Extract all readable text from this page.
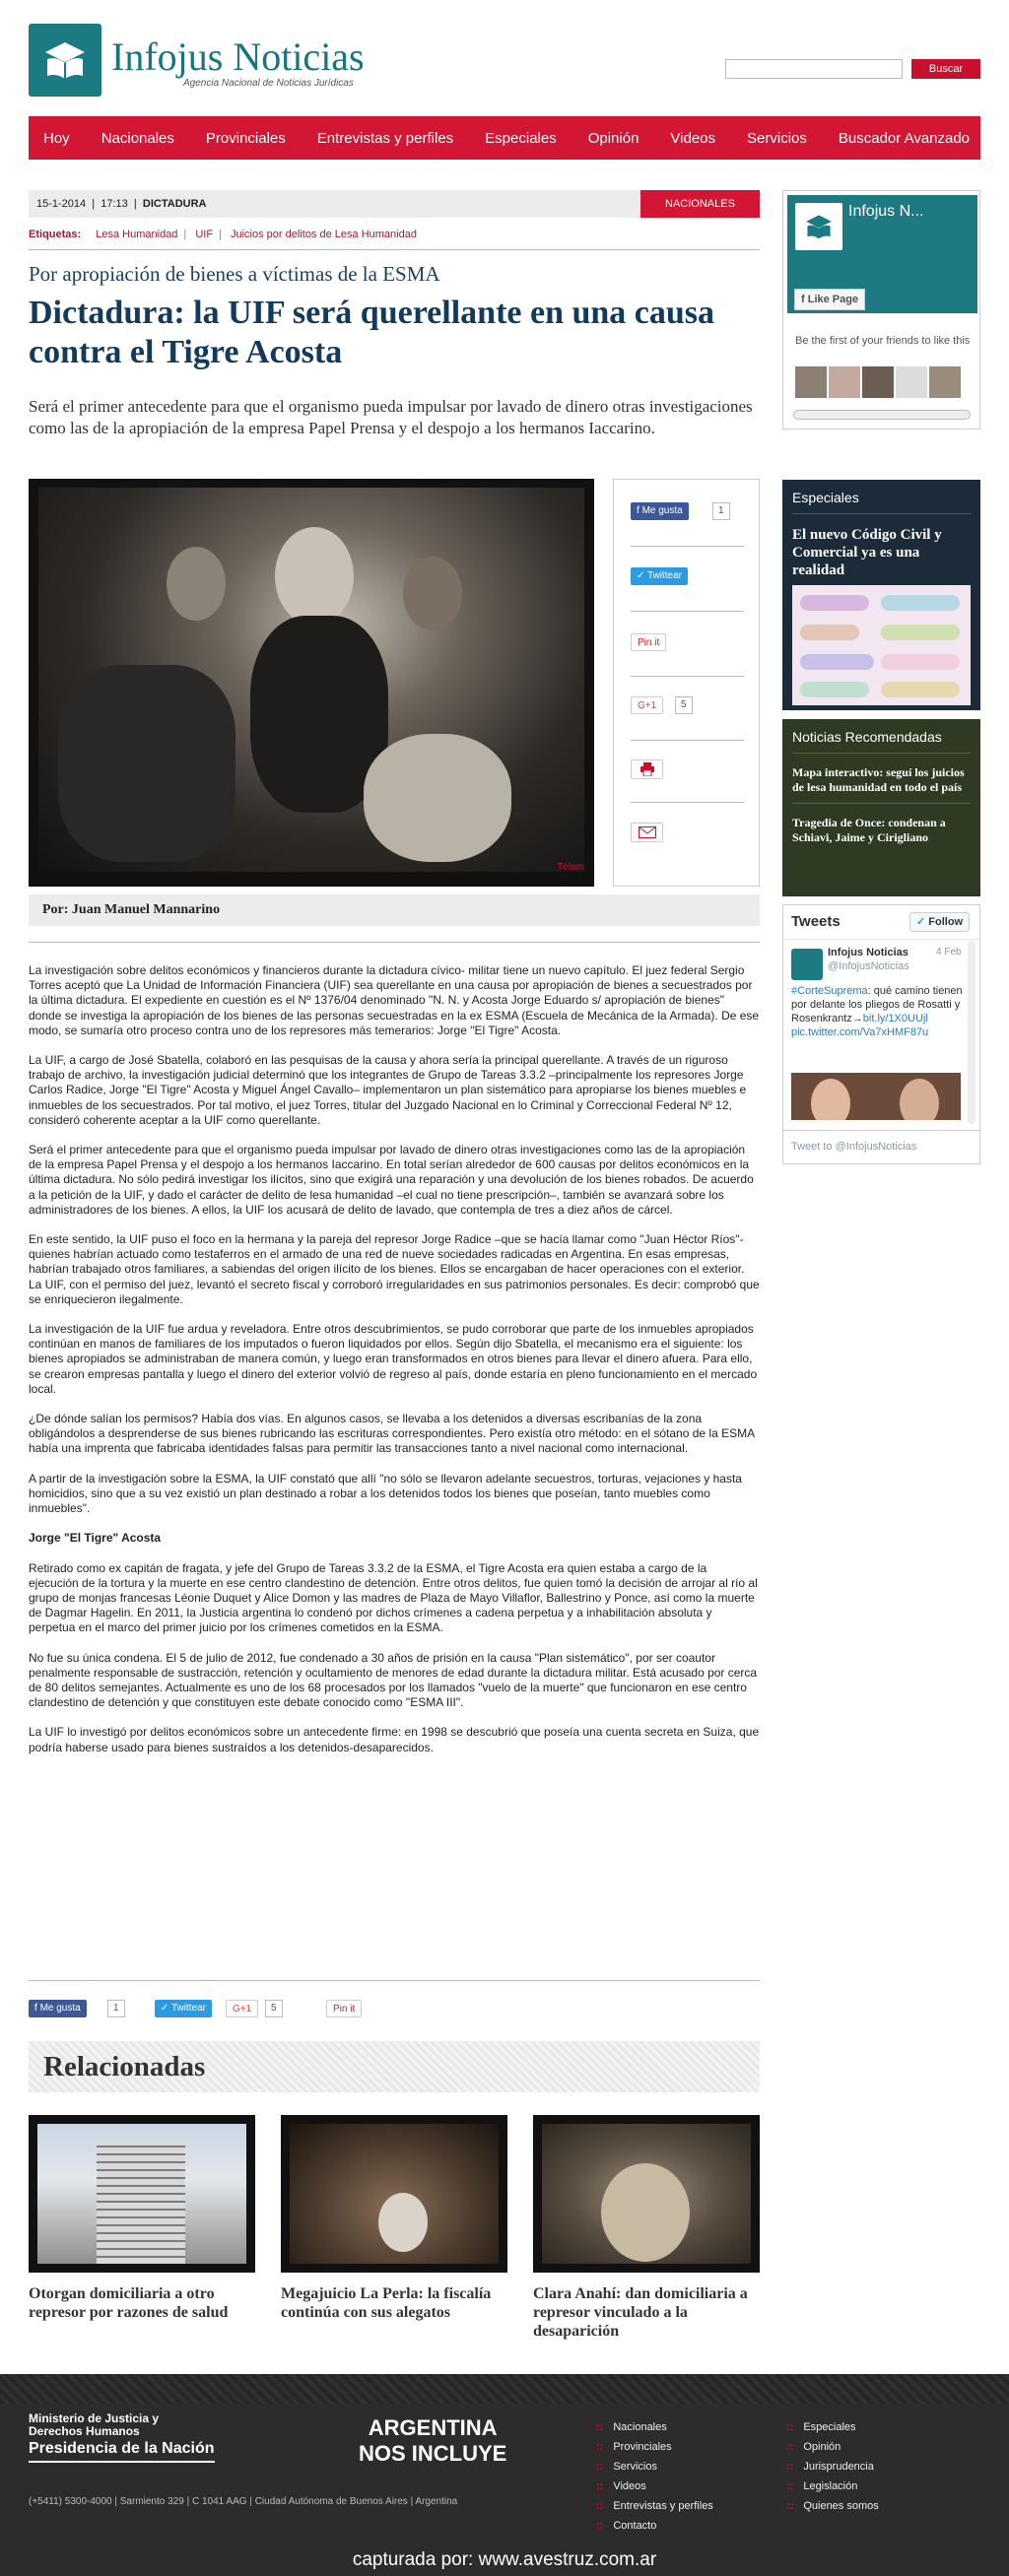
Infojus Noticias
Agencia Nacional de Noticias Jurídicas
Buscar
Hoy Nacionales Provinciales Entrevistas y perfiles Especiales Opinión Videos Servicios Buscador Avanzado
15-1-2014  |  17:13  |  DICTADURA	NACIONALES
Etiquetas: Lesa Humanidad | UIF | Juicios por delitos de Lesa Humanidad
Por apropiación de bienes a víctimas de la ESMA
Dictadura: la UIF será querellante en una causa contra el Tigre Acosta
Será el primer antecedente para que el organismo pueda impulsar por lavado de dinero otras investigaciones como las de la apropiación de la empresa Papel Prensa y el despojo a los hermanos Iaccarino.
Télam
f Me gusta	1
✓ Twittear
Pin it
G+1	5
Por: Juan Manuel Mannarino

La investigación sobre delitos económicos y financieros durante la dictadura cívico- militar tiene un nuevo capítulo. El juez federal Sergio Torres aceptó que La Unidad de Información Financiera (UIF) sea querellante en una causa por apropiación de bienes a secuestrados por la última dictadura. El expediente en cuestión es el Nº 1376/04 denominado "N. N. y Acosta Jorge Eduardo s/ apropiación de bienes" donde se investiga la apropiación de los bienes de las personas secuestradas en la ex ESMA (Escuela de Mecánica de la Armada). De ese modo, se sumaría otro proceso contra uno de los represores más temerarios: Jorge "El Tigre" Acosta.

La UIF, a cargo de José Sbatella, colaboró en las pesquisas de la causa y ahora sería la principal querellante. A través de un riguroso trabajo de archivo, la investigación judicial determinó que los integrantes de Grupo de Tareas 3.3.2 –principalmente los represores Jorge Carlos Radice, Jorge "El Tigre" Acosta y Miguel Ángel Cavallo– implementaron un plan sistemático para apropiarse los bienes muebles e inmuebles de los secuestrados. Por tal motivo, el juez Torres, titular del Juzgado Nacional en lo Criminal y Correccional Federal Nº 12, consideró coherente aceptar a la UIF como querellante.

Será el primer antecedente para que el organismo pueda impulsar por lavado de dinero otras investigaciones como las de la apropiación de la empresa Papel Prensa y el despojo a los hermanos Iaccarino. En total serían alrededor de 600 causas por delitos económicos en la última dictadura. No sólo pedirá investigar los ilícitos, sino que exigirá una reparación y una devolución de los bienes robados. De acuerdo a la petición de la UIF, y dado el carácter de delito de lesa humanidad –el cual no tiene prescripción–, también se avanzará sobre los administradores de los bienes. A ellos, la UIF los acusará de delito de lavado, que contempla de tres a diez años de cárcel.

En este sentido, la UIF puso el foco en la hermana y la pareja del represor Jorge Radice –que se hacía llamar como "Juan Héctor Ríos"- quienes habrían actuado como testaferros en el armado de una red de nueve sociedades radicadas en Argentina. En esas empresas, habrían trabajado otros familiares, a sabiendas del origen ilícito de los bienes. Ellos se encargaban de hacer operaciones con el exterior. La UIF, con el permiso del juez, levantó el secreto fiscal y corroboró irregularidades en sus patrimonios personales. Es decir: comprobó que se enriquecieron ilegalmente.

La investigación de la UIF fue ardua y reveladora. Entre otros descubrimientos, se pudo corroborar que parte de los inmuebles apropiados continúan en manos de familiares de los imputados o fueron liquidados por ellos. Según dijo Sbatella, el mecanismo era el siguiente: los bienes apropiados se administraban de manera común, y luego eran transformados en otros bienes para llevar el dinero afuera. Para ello, se crearon empresas pantalla y luego el dinero del exterior volvió de regreso al país, donde estaría en pleno funcionamiento en el mercado local.

¿De dónde salían los permisos? Había dos vías. En algunos casos, se llevaba a los detenidos a diversas escribanías de la zona obligándolos a desprenderse de sus bienes rubricando las escrituras correspondientes. Pero existía otro método: en el sótano de la ESMA había una imprenta que fabricaba identidades falsas para permitir las transacciones tanto a nivel nacional como internacional.

A partir de la investigación sobre la ESMA, la UIF constató que allí "no sólo se llevaron adelante secuestros, torturas, vejaciones y hasta homicidios, sino que a su vez existió un plan destinado a robar a los detenidos todos los bienes que poseían, tanto muebles como inmuebles".

Jorge "El Tigre" Acosta

Retirado como ex capitán de fragata, y jefe del Grupo de Tareas 3.3.2 de la ESMA, el Tigre Acosta era quien estaba a cargo de la ejecución de la tortura y la muerte en ese centro clandestino de detención. Entre otros delitos, fue quien tomó la decisión de arrojar al río al grupo de monjas francesas Léonie Duquet y Alice Domon y las madres de Plaza de Mayo Villaflor, Ballestrino y Ponce, así como la muerte de Dagmar Hagelin. En 2011, la Justicia argentina lo condenó por dichos crímenes a cadena perpetua y a inhabilitación absoluta y perpetua en el marco del primer juicio por los crímenes cometidos en la ESMA.

No fue su única condena. El 5 de julio de 2012, fue condenado a 30 años de prisión en la causa "Plan sistemático", por ser coautor penalmente responsable de sustracción, retención y ocultamiento de menores de edad durante la dictadura militar. Está acusado por cerca de 80 delitos semejantes. Actualmente es uno de los 68 procesados por los llamados "vuelo de la muerte" que funcionaron en ese centro clandestino de detención y que constituyen este debate conocido como "ESMA III".

La UIF lo investigó por delitos económicos sobre un antecedente firme: en 1998 se descubrió que poseía una cuenta secreta en Suiza, que podría haberse usado para bienes sustraídos a los detenidos-desaparecidos.

f Me gusta	1	✓ Twittear	G+1	5	Pin it
Relacionadas
Otorgan domiciliaria a otro represor por razones de salud
Megajuicio La Perla: la fiscalía continúa con sus alegatos
Clara Anahí: dan domiciliaria a represor vinculado a la desaparición
Infojus N...
f Like Page
Be the first of your friends to like this
Especiales
El nuevo Código Civil y Comercial ya es una realidad
Noticias Recomendadas
Mapa interactivo: seguí los juicios de lesa humanidad en todo el país
Tragedia de Once: condenan a Schiavi, Jaime y Cirigliano
Tweets	✓ Follow
Infojus Noticias
@InfojusNoticias
4 Feb
#CorteSuprema: qué camino tienen por delante los pliegos de Rosatti y Rosenkrantz→bit.ly/1X0UUjl
pic.twitter.com/Va7xHMF87u
Tweet to @InfojusNoticias
Ministerio de Justicia y Derechos Humanos
Presidencia de la Nación
ARGENTINA
NOS INCLUYE
(+5411) 5300-4000 | Sarmiento 329 | C 1041 AAG | Ciudad Autónoma de Buenos Aires | Argentina
:: Nacionales
:: Provinciales
:: Servicios
:: Videos
:: Entrevistas y perfiles
:: Contacto
:: Especiales
:: Opinión
:: Jurisprudencia
:: Legislación
:: Quienes somos
capturada por: www.avestruz.com.ar
